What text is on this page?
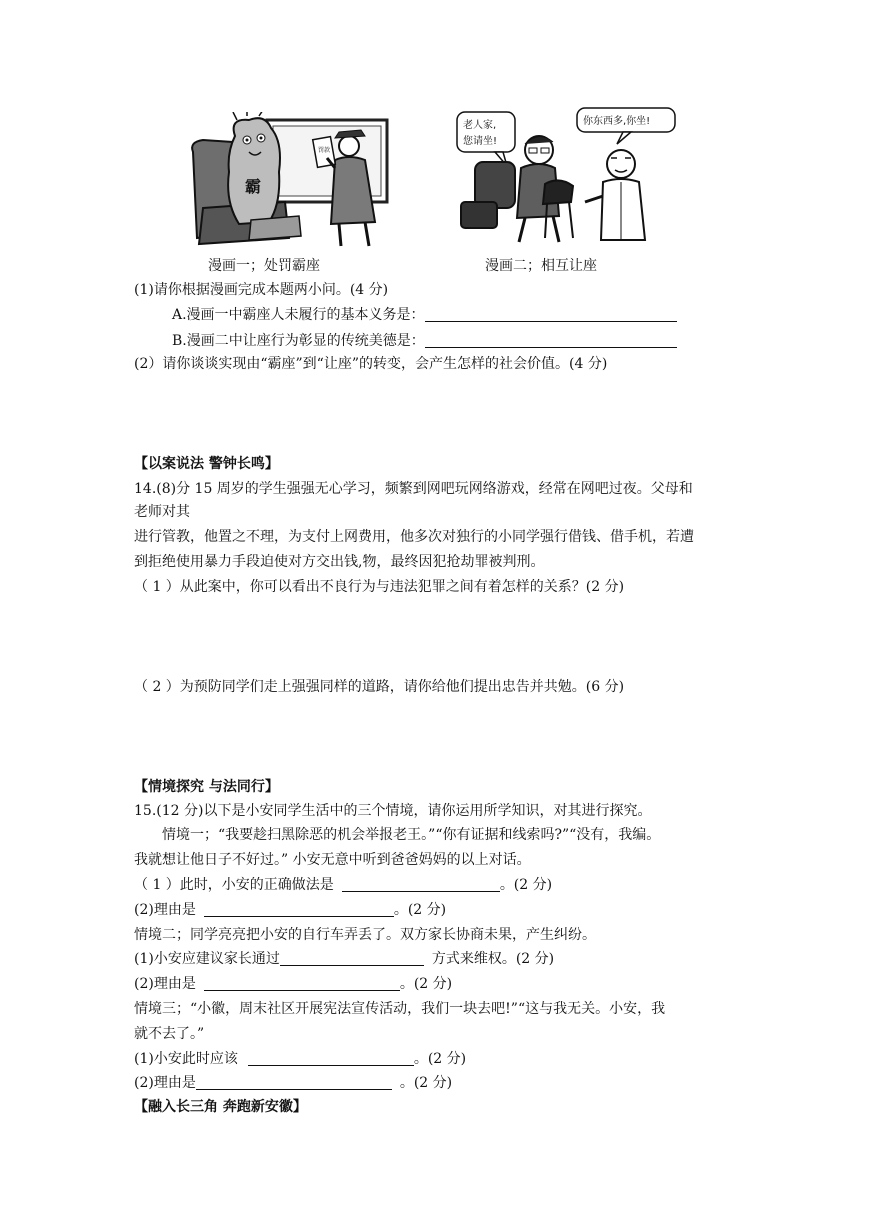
霸
罚款
漫画一；处罚霸座
老人家,
您请坐!
你东西多,你坐!
漫画二；相互让座
(1)请你根据漫画完成本题两小问。(4 分)
A.漫画一中霸座人未履行的基本义务是：
B.漫画二中让座行为彰显的传统美德是：
(2）请你谈谈实现由“霸座”到“让座”的转变，会产生怎样的社会价值。(4 分)
【以案说法 警钟长鸣】
14.(8)分 15 周岁的学生强强无心学习，频繁到网吧玩网络游戏，经常在网吧过夜。父母和
老师对其
进行管教，他置之不理，为支付上网费用，他多次对独行的小同学强行借钱、借手机，若遭
到拒绝使用暴力手段迫使对方交出钱,物，最终因犯抢劫罪被判刑。
（ 1 ）从此案中，你可以看出不良行为与违法犯罪之间有着怎样的关系？(2 分)
（ 2 ）为预防同学们走上强强同样的道路，请你给他们提出忠告并共勉。(6 分)
【情境探究 与法同行】
15.(12 分)以下是小安同学生活中的三个情境，请你运用所学知识，对其进行探究。
情境一；“我要趁扫黑除恶的机会举报老王。”“你有证据和线索吗?”“没有，我编。
我就想让他日子不好过。” 小安无意中听到爸爸妈妈的以上对话。
（ 1 ）此时，小安的正确做法是	。(2 分)
(2)理由是	。(2 分)
情境二；同学亮亮把小安的自行车弄丢了。双方家长协商未果，产生纠纷。
(1)小安应建议家长通过	方式来维权。(2 分)
(2)理由是	。(2 分)
情境三；“小徽，周末社区开展宪法宣传活动，我们一块去吧!”“这与我无关。小安，我
就不去了。”
(1)小安此时应该	。(2 分)
(2)理由是	。(2 分)
【融入长三角 奔跑新安徽】
